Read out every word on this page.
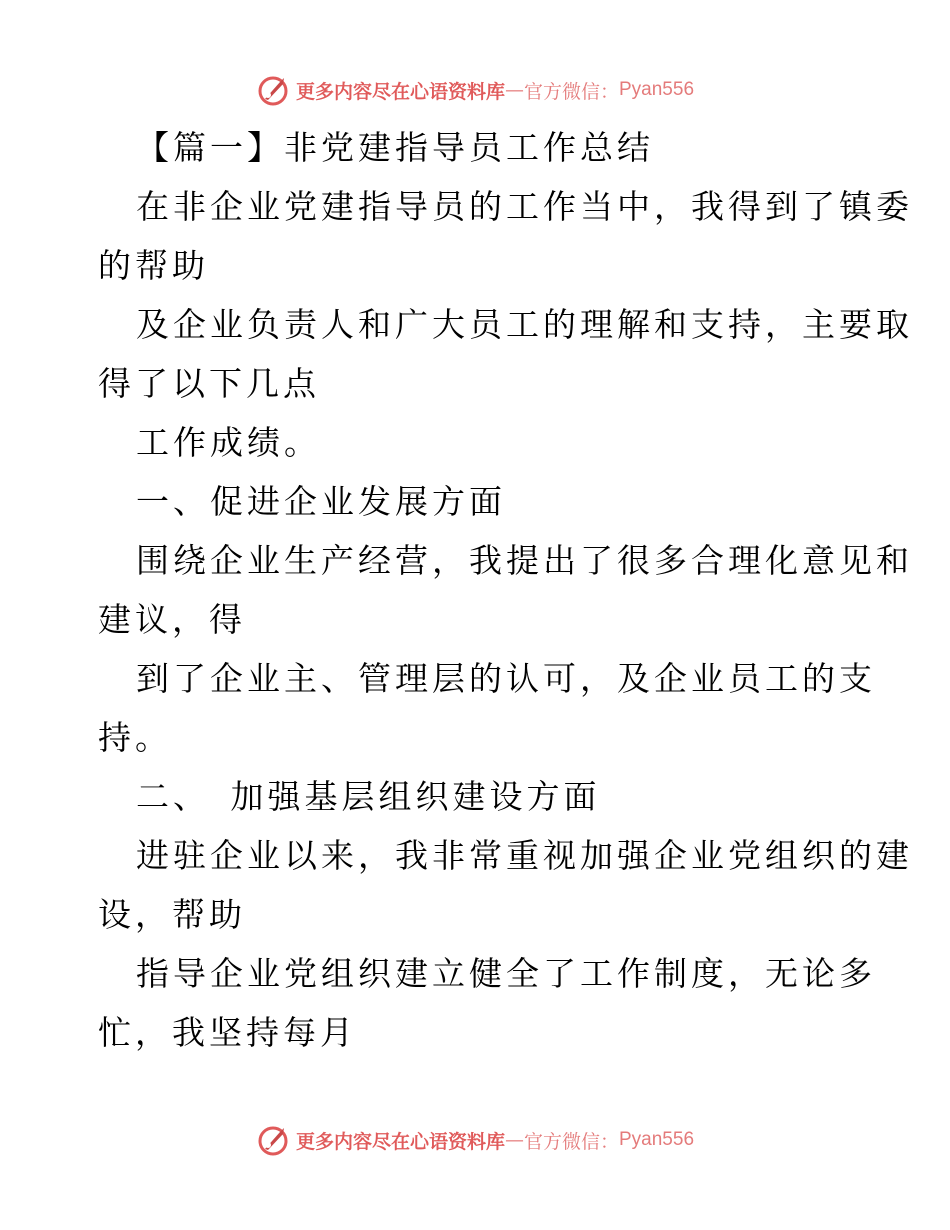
更多内容尽在心语资料库 — 官方微信： Pyan556
【篇一】非党建指导员工作总结
在非企业党建指导员的工作当中，我得到了镇委
的帮助
及企业负责人和广大员工的理解和支持，主要取
得了以下几点
工作成绩。
一、促进企业发展方面
围绕企业生产经营，我提出了很多合理化意见和
建议，得
到了企业主、管理层的认可，及企业员工的支
持。
二、　加强基层组织建设方面
进驻企业以来，我非常重视加强企业党组织的建
设，帮助
指导企业党组织建立健全了工作制度，无论多
忙，我坚持每月
更多内容尽在心语资料库 — 官方微信： Pyan556
